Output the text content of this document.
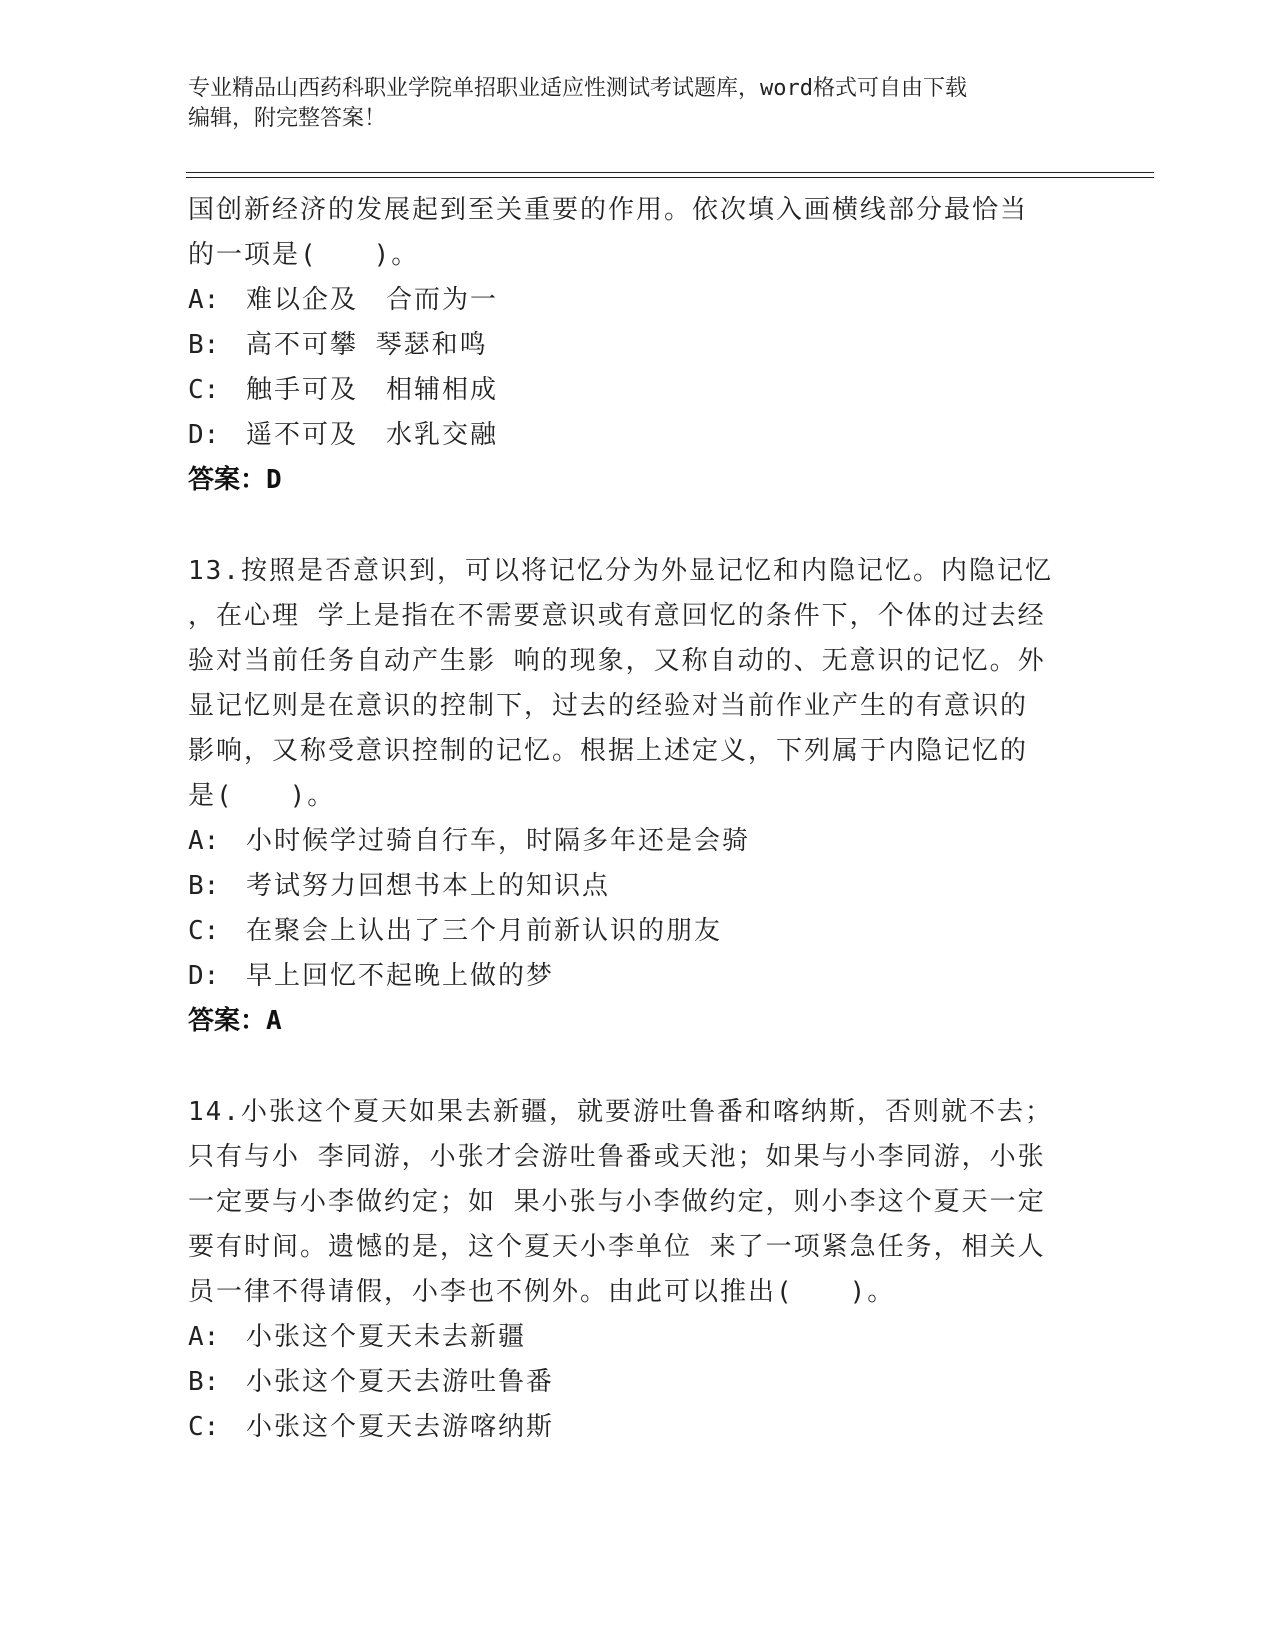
专业精品山西药科职业学院单招职业适应性测试考试题库，word格式可自由下载
编辑，附完整答案！

国创新经济的发展起到至关重要的作用。依次填入画横线部分最恰当

的一项是(　　)。

A: 难以企及　合而为一

B: 高不可攀 琴瑟和鸣

C: 触手可及　相辅相成

D: 遥不可及　水乳交融

答案：D

13.按照是否意识到，可以将记忆分为外显记忆和内隐记忆。内隐记忆

，在心理 学上是指在不需要意识或有意回忆的条件下，个体的过去经

验对当前任务自动产生影 响的现象，又称自动的、无意识的记忆。外

显记忆则是在意识的控制下，过去的经验对当前作业产生的有意识的

影响，又称受意识控制的记忆。根据上述定义，下列属于内隐记忆的

是(　　)。

A: 小时候学过骑自行车，时隔多年还是会骑

B: 考试努力回想书本上的知识点

C: 在聚会上认出了三个月前新认识的朋友

D: 早上回忆不起晚上做的梦

答案：A

14.小张这个夏天如果去新疆，就要游吐鲁番和喀纳斯，否则就不去；

只有与小 李同游，小张才会游吐鲁番或天池；如果与小李同游，小张

一定要与小李做约定；如 果小张与小李做约定，则小李这个夏天一定

要有时间。遗憾的是，这个夏天小李单位 来了一项紧急任务，相关人

员一律不得请假，小李也不例外。由此可以推出(　　)。

A: 小张这个夏天未去新疆

B: 小张这个夏天去游吐鲁番

C: 小张这个夏天去游喀纳斯
